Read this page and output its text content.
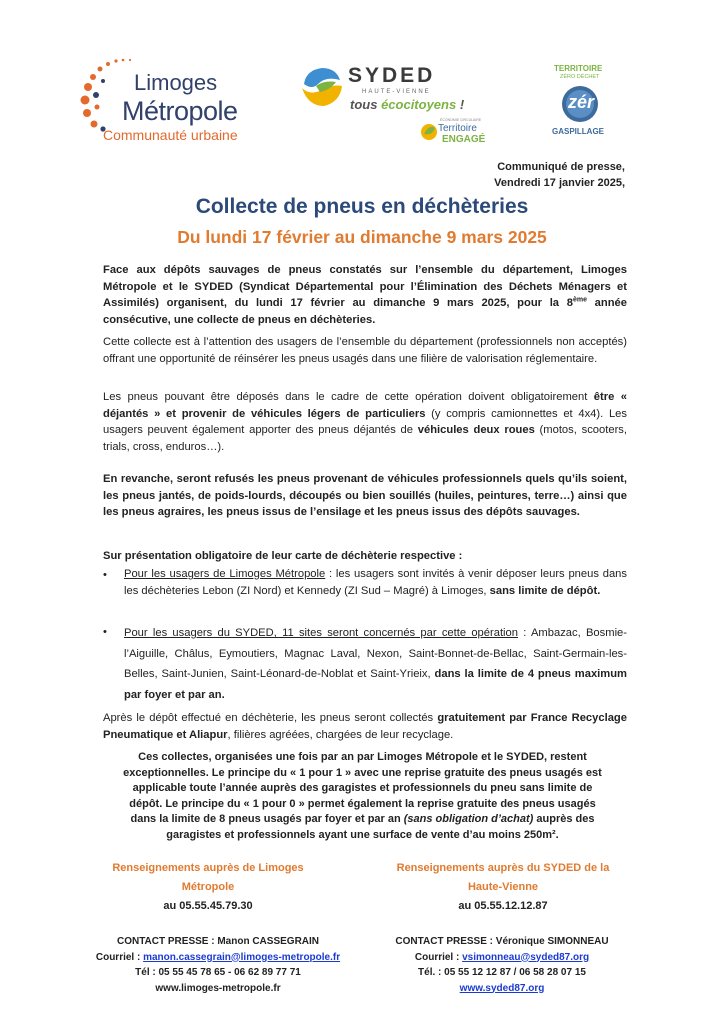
Limoges
Métropole
Communauté urbaine
SYDED
HAUTE-VIENNE
tous écocitoyens !
ÉCONOMIE CIRCULAIRE
Territoire
ENGAGÉ
TERRITOIRE
ZÉRO DÉCHET
zér
GASPILLAGE
Communiqué de presse,
Vendredi 17 janvier 2025,
Collecte de pneus en déchèteries
Du lundi 17 février au dimanche 9 mars 2025
Face aux dépôts sauvages de pneus constatés sur l’ensemble du département, Limoges Métropole et le SYDED (Syndicat Départemental pour l’Élimination des Déchets Ménagers et Assimilés) organisent, du lundi 17 février au dimanche 9 mars 2025, pour la 8ème année consécutive, une collecte de pneus en déchèteries.
Cette collecte est à l’attention des usagers de l’ensemble du département (professionnels non acceptés) offrant une opportunité de réinsérer les pneus usagés dans une filière de valorisation réglementaire.
Les pneus pouvant être déposés dans le cadre de cette opération doivent obligatoirement être « déjantés » et provenir de véhicules légers de particuliers (y compris camionnettes et 4x4). Les usagers peuvent également apporter des pneus déjantés de véhicules deux roues (motos, scooters, trials, cross, enduros…).
En revanche, seront refusés les pneus provenant de véhicules professionnels quels qu’ils soient, les pneus jantés, de poids-lourds, découpés ou bien souillés (huiles, peintures, terre…) ainsi que les pneus agraires, les pneus issus de l’ensilage et les pneus issus des dépôts sauvages.
Sur présentation obligatoire de leur carte de déchèterie respective :
• Pour les usagers de Limoges Métropole : les usagers sont invités à venir déposer leurs pneus dans les déchèteries Lebon (ZI Nord) et Kennedy (ZI Sud – Magré) à Limoges, sans limite de dépôt.
• Pour les usagers du SYDED, 11 sites seront concernés par cette opération : Ambazac, Bosmie-l’Aiguille, Châlus, Eymoutiers, Magnac Laval, Nexon, Saint-Bonnet-de-Bellac, Saint-Germain-les-Belles, Saint-Junien, Saint-Léonard-de-Noblat et Saint-Yrieix, dans la limite de 4 pneus maximum par foyer et par an.
Après le dépôt effectué en déchèterie, les pneus seront collectés gratuitement par France Recyclage Pneumatique et Aliapur, filières agréées, chargées de leur recyclage.
Ces collectes, organisées une fois par an par Limoges Métropole et le SYDED, restent exceptionnelles. Le principe du « 1 pour 1 » avec une reprise gratuite des pneus usagés est applicable toute l’année auprès des garagistes et professionnels du pneu sans limite de dépôt. Le principe du « 1 pour 0 » permet également la reprise gratuite des pneus usagés dans la limite de 8 pneus usagés par foyer et par an (sans obligation d’achat) auprès des garagistes et professionnels ayant une surface de vente d’au moins 250m².
Renseignements auprès de Limoges
Métropole
au 05.55.45.79.30
Renseignements auprès du SYDED de la
Haute-Vienne
au 05.55.12.12.87
CONTACT PRESSE : Manon CASSEGRAIN
Courriel : manon.cassegrain@limoges-metropole.fr
Tél : 05 55 45 78 65 - 06 62 89 77 71
www.limoges-metropole.fr
CONTACT PRESSE : Véronique SIMONNEAU
Courriel : vsimonneau@syded87.org
Tél. : 05 55 12 12 87 / 06 58 28 07 15
www.syded87.org
